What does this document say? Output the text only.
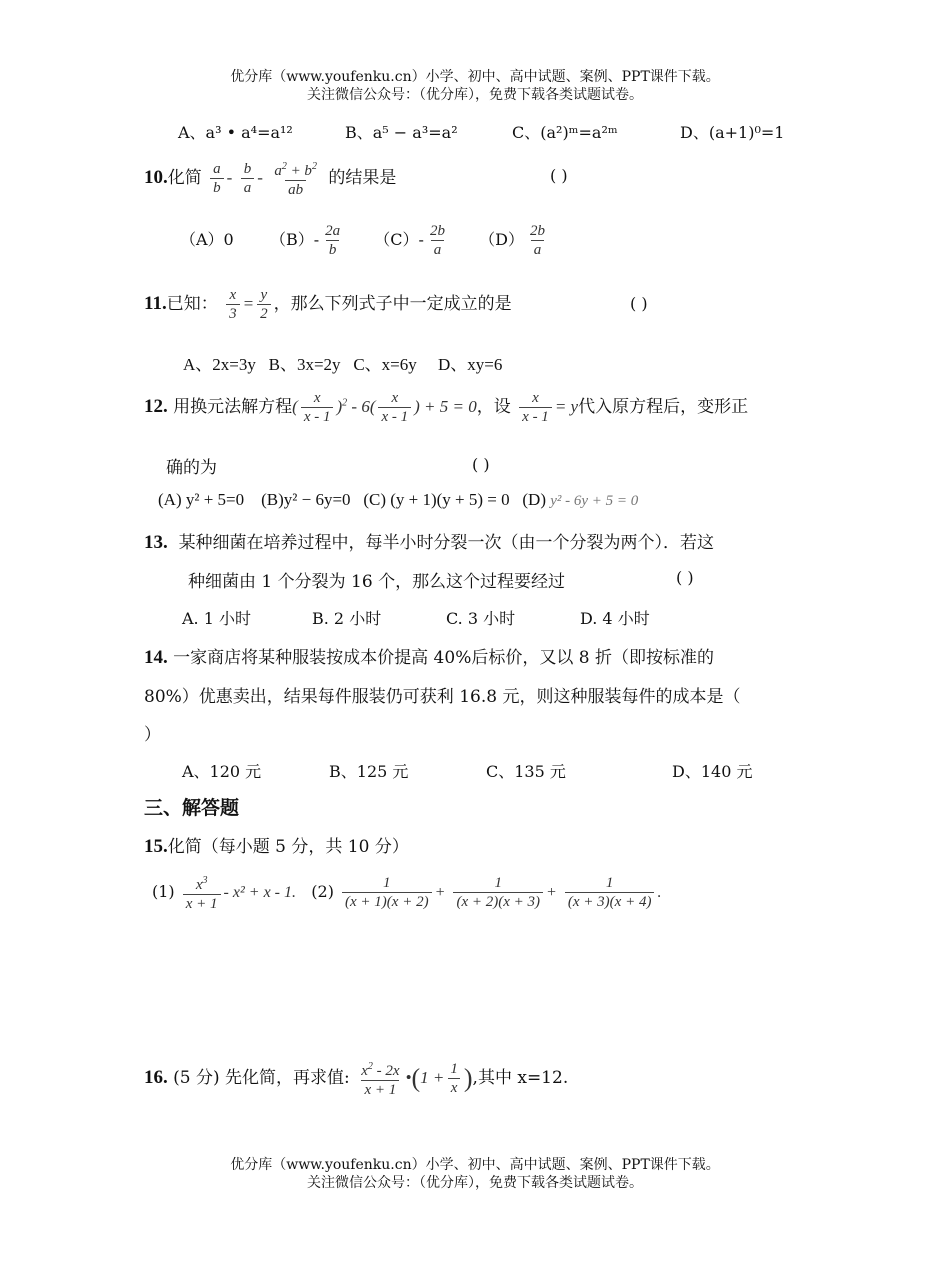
优分库（www.youfenku.cn）小学、初中、高中试题、案例、PPT课件下载。
关注微信公众号：（优分库），免费下载各类试题试卷。
A、a³ • a⁴=a¹²	B、a⁵ − a³=a²	C、(a²)ᵐ=a²ᵐ	D、(a+1)⁰=1
10.化简 $\frac{a}{b} - \frac{b}{a} - \frac{a^2 + b^2}{ab}$ 的结果是	( )
（A）0 $(B)- \frac{2a}{b} (C)- \frac{2b}{a} (D) \frac{2b}{a}$
11.已知： $\frac{x}{3} = \frac{y}{2}$ ，那么下列式子中一定成立的是	( )
A、2x=3y B、3x=2y C、x=6y D、xy=6
12. 用换元法解方程( $\frac{x}{x - 1} )^2 - 6( \frac{x}{x - 1}$ ) + 5 = 0，设 $\frac{x}{x - 1} = y$代入原方程后，变形正
确的为	( )
(A) y² + 5=0 (B)y² − 6y=0 (C) (y + 1)(y + 5) = 0 (D) y² - 6y + 5 = 0
13. 某种细菌在培养过程中，每半小时分裂一次（由一个分裂为两个）．若这
种细菌由 1 个分裂为 16 个，那么这个过程要经过	( )
A. 1 小时	B. 2 小时	C. 3 小时	D. 4 小时
14. 一家商店将某种服装按成本价提高 40%后标价，又以 8 折（即按标准的
80%）优惠卖出，结果每件服装仍可获利 16.8 元，则这种服装每件的成本是（
）
A、120 元	B、125 元	C、135 元	D、140 元
三、解答题
15.化简（每小题 5 分，共 10 分）
$(1) \frac{x^3}{x + 1} - x^2 + x - 1$. $(2) \frac{1}{(x + 1)(x + 2)} + \frac{1}{(x + 2)(x + 3)} + \frac{1}{(x + 3)(x + 4)}$ .
16. (5 分) 先化简，再求值: $\frac{x^2 - 2x}{x + 1}$ •(1 + $\frac{1}{x}$ ),其中 x=12.
优分库（www.youfenku.cn）小学、初中、高中试题、案例、PPT课件下载。
关注微信公众号：（优分库），免费下载各类试题试卷。
